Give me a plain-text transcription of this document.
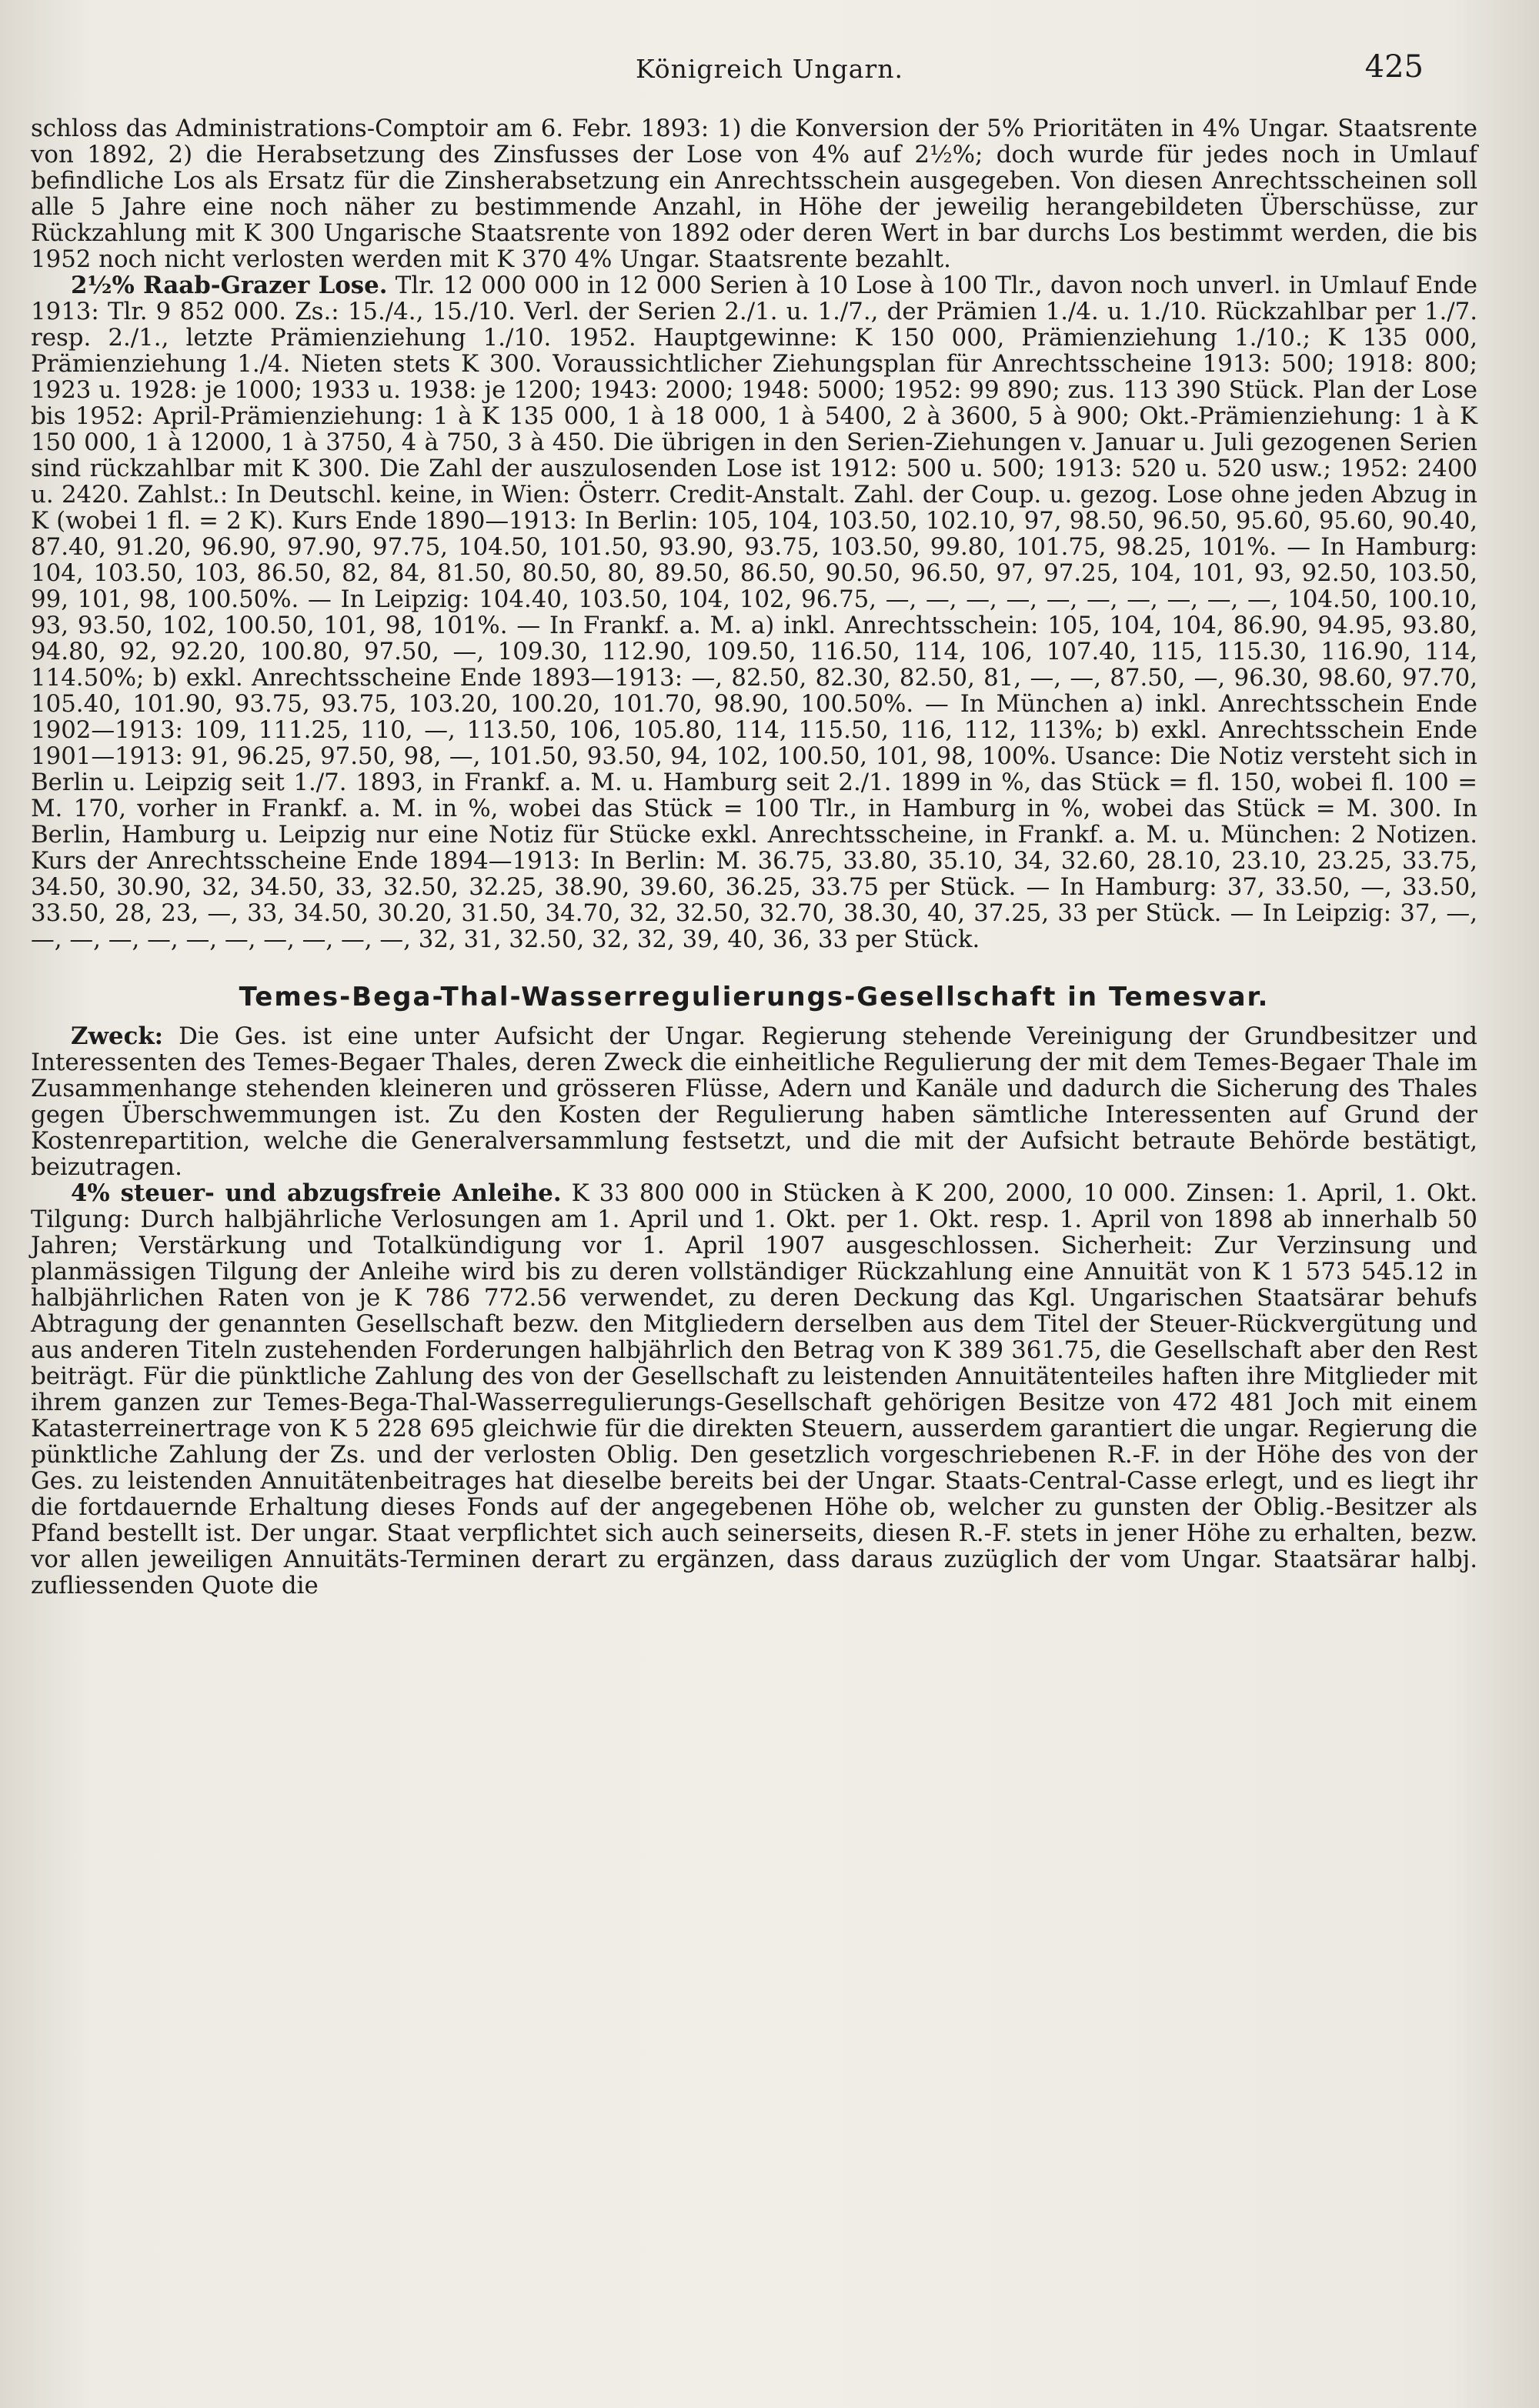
Königreich Ungarn.	425

schloss das Administrations-Comptoir am 6. Febr. 1893: 1) die Konversion der 5% Prioritäten in 4% Ungar. Staatsrente von 1892, 2) die Herabsetzung des Zinsfusses der Lose von 4% auf 2½%; doch wurde für jedes noch in Umlauf befindliche Los als Ersatz für die Zinsherabsetzung ein Anrechtsschein ausgegeben. Von diesen Anrechtsscheinen soll alle 5 Jahre eine noch näher zu bestimmende Anzahl, in Höhe der jeweilig herangebildeten Überschüsse, zur Rückzahlung mit K 300 Ungarische Staatsrente von 1892 oder deren Wert in bar durchs Los bestimmt werden, die bis 1952 noch nicht verlosten werden mit K 370 4% Ungar. Staatsrente bezahlt.

2½% Raab-Grazer Lose. Tlr. 12 000 000 in 12 000 Serien à 10 Lose à 100 Tlr., davon noch unverl. in Umlauf Ende 1913: Tlr. 9 852 000. Zs.: 15./4., 15./10. Verl. der Serien 2./1. u. 1./7., der Prämien 1./4. u. 1./10. Rückzahlbar per 1./7. resp. 2./1., letzte Prämienziehung 1./10. 1952. Hauptgewinne: K 150 000, Prämienziehung 1./10.; K 135 000, Prämienziehung 1./4. Nieten stets K 300. Voraussichtlicher Ziehungsplan für Anrechtsscheine 1913: 500; 1918: 800; 1923 u. 1928: je 1000; 1933 u. 1938: je 1200; 1943: 2000; 1948: 5000; 1952: 99 890; zus. 113 390 Stück. Plan der Lose bis 1952: April-Prämienziehung: 1 à K 135 000, 1 à 18 000, 1 à 5400, 2 à 3600, 5 à 900; Okt.-Prämienziehung: 1 à K 150 000, 1 à 12000, 1 à 3750, 4 à 750, 3 à 450. Die übrigen in den Serien-Ziehungen v. Januar u. Juli gezogenen Serien sind rückzahlbar mit K 300. Die Zahl der auszulosenden Lose ist 1912: 500 u. 500; 1913: 520 u. 520 usw.; 1952: 2400 u. 2420. Zahlst.: In Deutschl. keine, in Wien: Österr. Credit-Anstalt. Zahl. der Coup. u. gezog. Lose ohne jeden Abzug in K (wobei 1 fl. = 2 K). Kurs Ende 1890—1913: In Berlin: 105, 104, 103.50, 102.10, 97, 98.50, 96.50, 95.60, 95.60, 90.40, 87.40, 91.20, 96.90, 97.90, 97.75, 104.50, 101.50, 93.90, 93.75, 103.50, 99.80, 101.75, 98.25, 101%. — In Hamburg: 104, 103.50, 103, 86.50, 82, 84, 81.50, 80.50, 80, 89.50, 86.50, 90.50, 96.50, 97, 97.25, 104, 101, 93, 92.50, 103.50, 99, 101, 98, 100.50%. — In Leipzig: 104.40, 103.50, 104, 102, 96.75, —, —, —, —, —, —, —, —, —, —, 104.50, 100.10, 93, 93.50, 102, 100.50, 101, 98, 101%. — In Frankf. a. M. a) inkl. Anrechtsschein: 105, 104, 104, 86.90, 94.95, 93.80, 94.80, 92, 92.20, 100.80, 97.50, —, 109.30, 112.90, 109.50, 116.50, 114, 106, 107.40, 115, 115.30, 116.90, 114, 114.50%; b) exkl. Anrechtsscheine Ende 1893—1913: —, 82.50, 82.30, 82.50, 81, —, —, 87.50, —, 96.30, 98.60, 97.70, 105.40, 101.90, 93.75, 93.75, 103.20, 100.20, 101.70, 98.90, 100.50%. — In München a) inkl. Anrechtsschein Ende 1902—1913: 109, 111.25, 110, —, 113.50, 106, 105.80, 114, 115.50, 116, 112, 113%; b) exkl. Anrechtsschein Ende 1901—1913: 91, 96.25, 97.50, 98, —, 101.50, 93.50, 94, 102, 100.50, 101, 98, 100%. Usance: Die Notiz versteht sich in Berlin u. Leipzig seit 1./7. 1893, in Frankf. a. M. u. Hamburg seit 2./1. 1899 in %, das Stück = fl. 150, wobei fl. 100 = M. 170, vorher in Frankf. a. M. in %, wobei das Stück = 100 Tlr., in Hamburg in %, wobei das Stück = M. 300. In Berlin, Hamburg u. Leipzig nur eine Notiz für Stücke exkl. Anrechtsscheine, in Frankf. a. M. u. München: 2 Notizen. Kurs der Anrechtsscheine Ende 1894—1913: In Berlin: M. 36.75, 33.80, 35.10, 34, 32.60, 28.10, 23.10, 23.25, 33.75, 34.50, 30.90, 32, 34.50, 33, 32.50, 32.25, 38.90, 39.60, 36.25, 33.75 per Stück. — In Hamburg: 37, 33.50, —, 33.50, 33.50, 28, 23, —, 33, 34.50, 30.20, 31.50, 34.70, 32, 32.50, 32.70, 38.30, 40, 37.25, 33 per Stück. — In Leipzig: 37, —, —, —, —, —, —, —, —, —, —, —, 32, 31, 32.50, 32, 32, 39, 40, 36, 33 per Stück.

Temes-Bega-Thal-Wasserregulierungs-Gesellschaft in Temesvar.

Zweck: Die Ges. ist eine unter Aufsicht der Ungar. Regierung stehende Vereinigung der Grundbesitzer und Interessenten des Temes-Begaer Thales, deren Zweck die einheitliche Regulierung der mit dem Temes-Begaer Thale im Zusammenhange stehenden kleineren und grösseren Flüsse, Adern und Kanäle und dadurch die Sicherung des Thales gegen Überschwemmungen ist. Zu den Kosten der Regulierung haben sämtliche Interessenten auf Grund der Kostenrepartition, welche die Generalversammlung festsetzt, und die mit der Aufsicht betraute Behörde bestätigt, beizutragen.

4% steuer- und abzugsfreie Anleihe. K 33 800 000 in Stücken à K 200, 2000, 10 000. Zinsen: 1. April, 1. Okt. Tilgung: Durch halbjährliche Verlosungen am 1. April und 1. Okt. per 1. Okt. resp. 1. April von 1898 ab innerhalb 50 Jahren; Verstärkung und Totalkündigung vor 1. April 1907 ausgeschlossen. Sicherheit: Zur Verzinsung und planmässigen Tilgung der Anleihe wird bis zu deren vollständiger Rückzahlung eine Annuität von K 1 573 545.12 in halbjährlichen Raten von je K 786 772.56 verwendet, zu deren Deckung das Kgl. Ungarischen Staatsärar behufs Abtragung der genannten Gesellschaft bezw. den Mitgliedern derselben aus dem Titel der Steuer-Rückvergütung und aus anderen Titeln zustehenden Forderungen halbjährlich den Betrag von K 389 361.75, die Gesellschaft aber den Rest beiträgt. Für die pünktliche Zahlung des von der Gesellschaft zu leistenden Annuitätenteiles haften ihre Mitglieder mit ihrem ganzen zur Temes-Bega-Thal-Wasserregulierungs-Gesellschaft gehörigen Besitze von 472 481 Joch mit einem Katasterreinertrage von K 5 228 695 gleichwie für die direkten Steuern, ausserdem garantiert die ungar. Regierung die pünktliche Zahlung der Zs. und der verlosten Oblig. Den gesetzlich vorgeschriebenen R.-F. in der Höhe des von der Ges. zu leistenden Annuitätenbeitrages hat dieselbe bereits bei der Ungar. Staats-Central-Casse erlegt, und es liegt ihr die fortdauernde Erhaltung dieses Fonds auf der angegebenen Höhe ob, welcher zu gunsten der Oblig.-Besitzer als Pfand bestellt ist. Der ungar. Staat verpflichtet sich auch seinerseits, diesen R.-F. stets in jener Höhe zu erhalten, bezw. vor allen jeweiligen Annuitäts-Terminen derart zu ergänzen, dass daraus zuzüglich der vom Ungar. Staatsärar halbj. zufliessenden Quote die
